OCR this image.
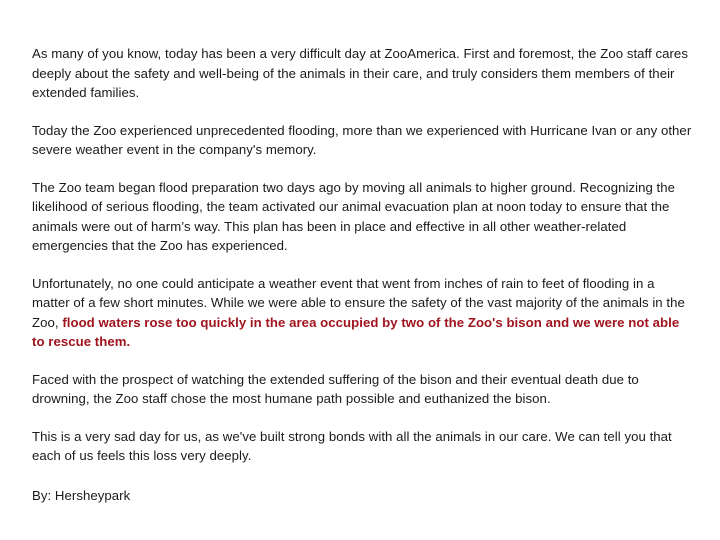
As many of you know, today has been a very difficult day at ZooAmerica. First and foremost, the Zoo staff cares deeply about the safety and well-being of the animals in their care, and truly considers them members of their extended families.

Today the Zoo experienced unprecedented flooding, more than we experienced with Hurricane Ivan or any other severe weather event in the company's memory.

The Zoo team began flood preparation two days ago by moving all animals to higher ground. Recognizing the likelihood of serious flooding, the team activated our animal evacuation plan at noon today to ensure that the animals were out of harm’s way. This plan has been in place and effective in all other weather-related emergencies that the Zoo has experienced.

Unfortunately, no one could anticipate a weather event that went from inches of rain to feet of flooding in a matter of a few short minutes. While we were able to ensure the safety of the vast majority of the animals in the Zoo, flood waters rose too quickly in the area occupied by two of the Zoo's bison and we were not able to rescue them.

Faced with the prospect of watching the extended suffering of the bison and their eventual death due to drowning, the Zoo staff chose the most humane path possible and euthanized the bison.

This is a very sad day for us, as we've built strong bonds with all the animals in our care. We can tell you that each of us feels this loss very deeply.

By: Hersheypark
